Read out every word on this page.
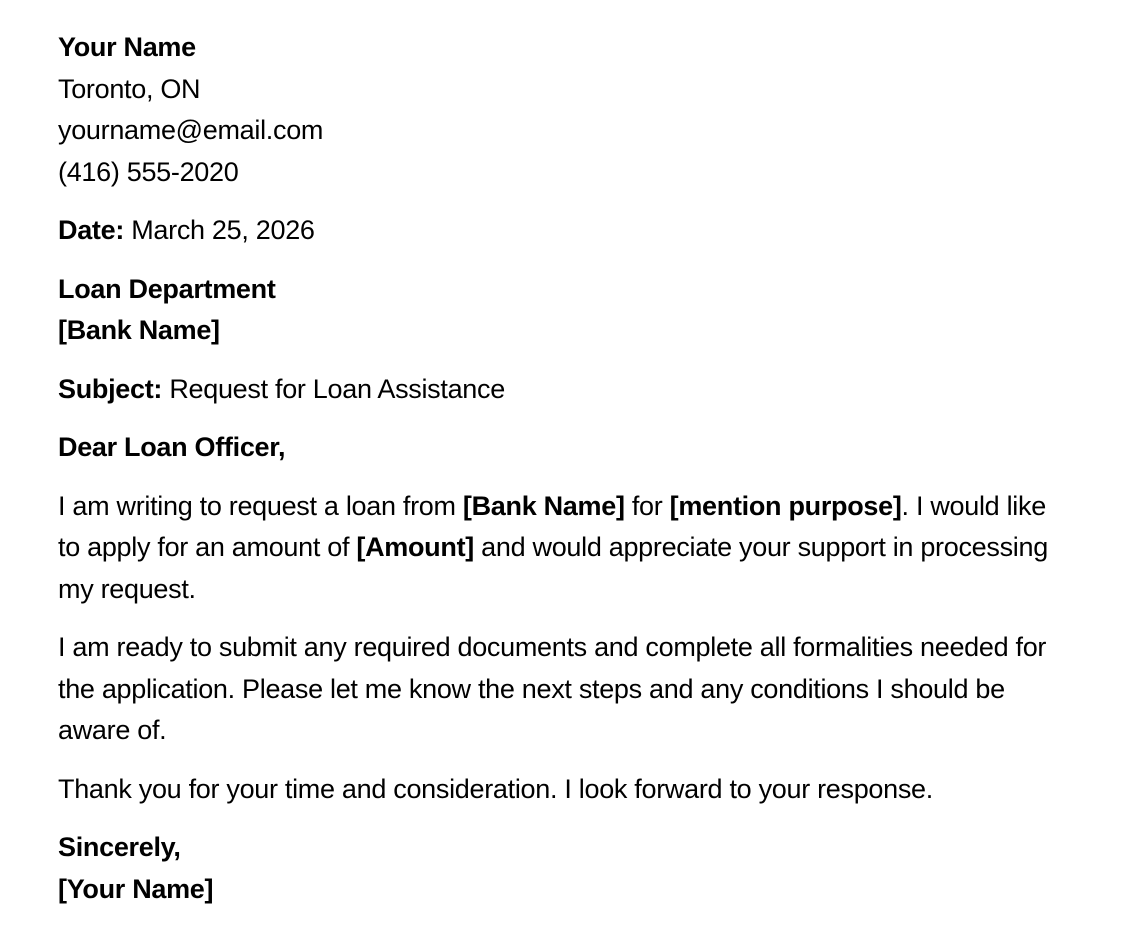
Your Name
Toronto, ON
yourname@email.com
(416) 555-2020
Date: March 25, 2026
Loan Department
[Bank Name]
Subject: Request for Loan Assistance
Dear Loan Officer,
I am writing to request a loan from [Bank Name] for [mention purpose]. I would like to apply for an amount of [Amount] and would appreciate your support in processing my request.
I am ready to submit any required documents and complete all formalities needed for the application. Please let me know the next steps and any conditions I should be aware of.
Thank you for your time and consideration. I look forward to your response.
Sincerely,
[Your Name]
